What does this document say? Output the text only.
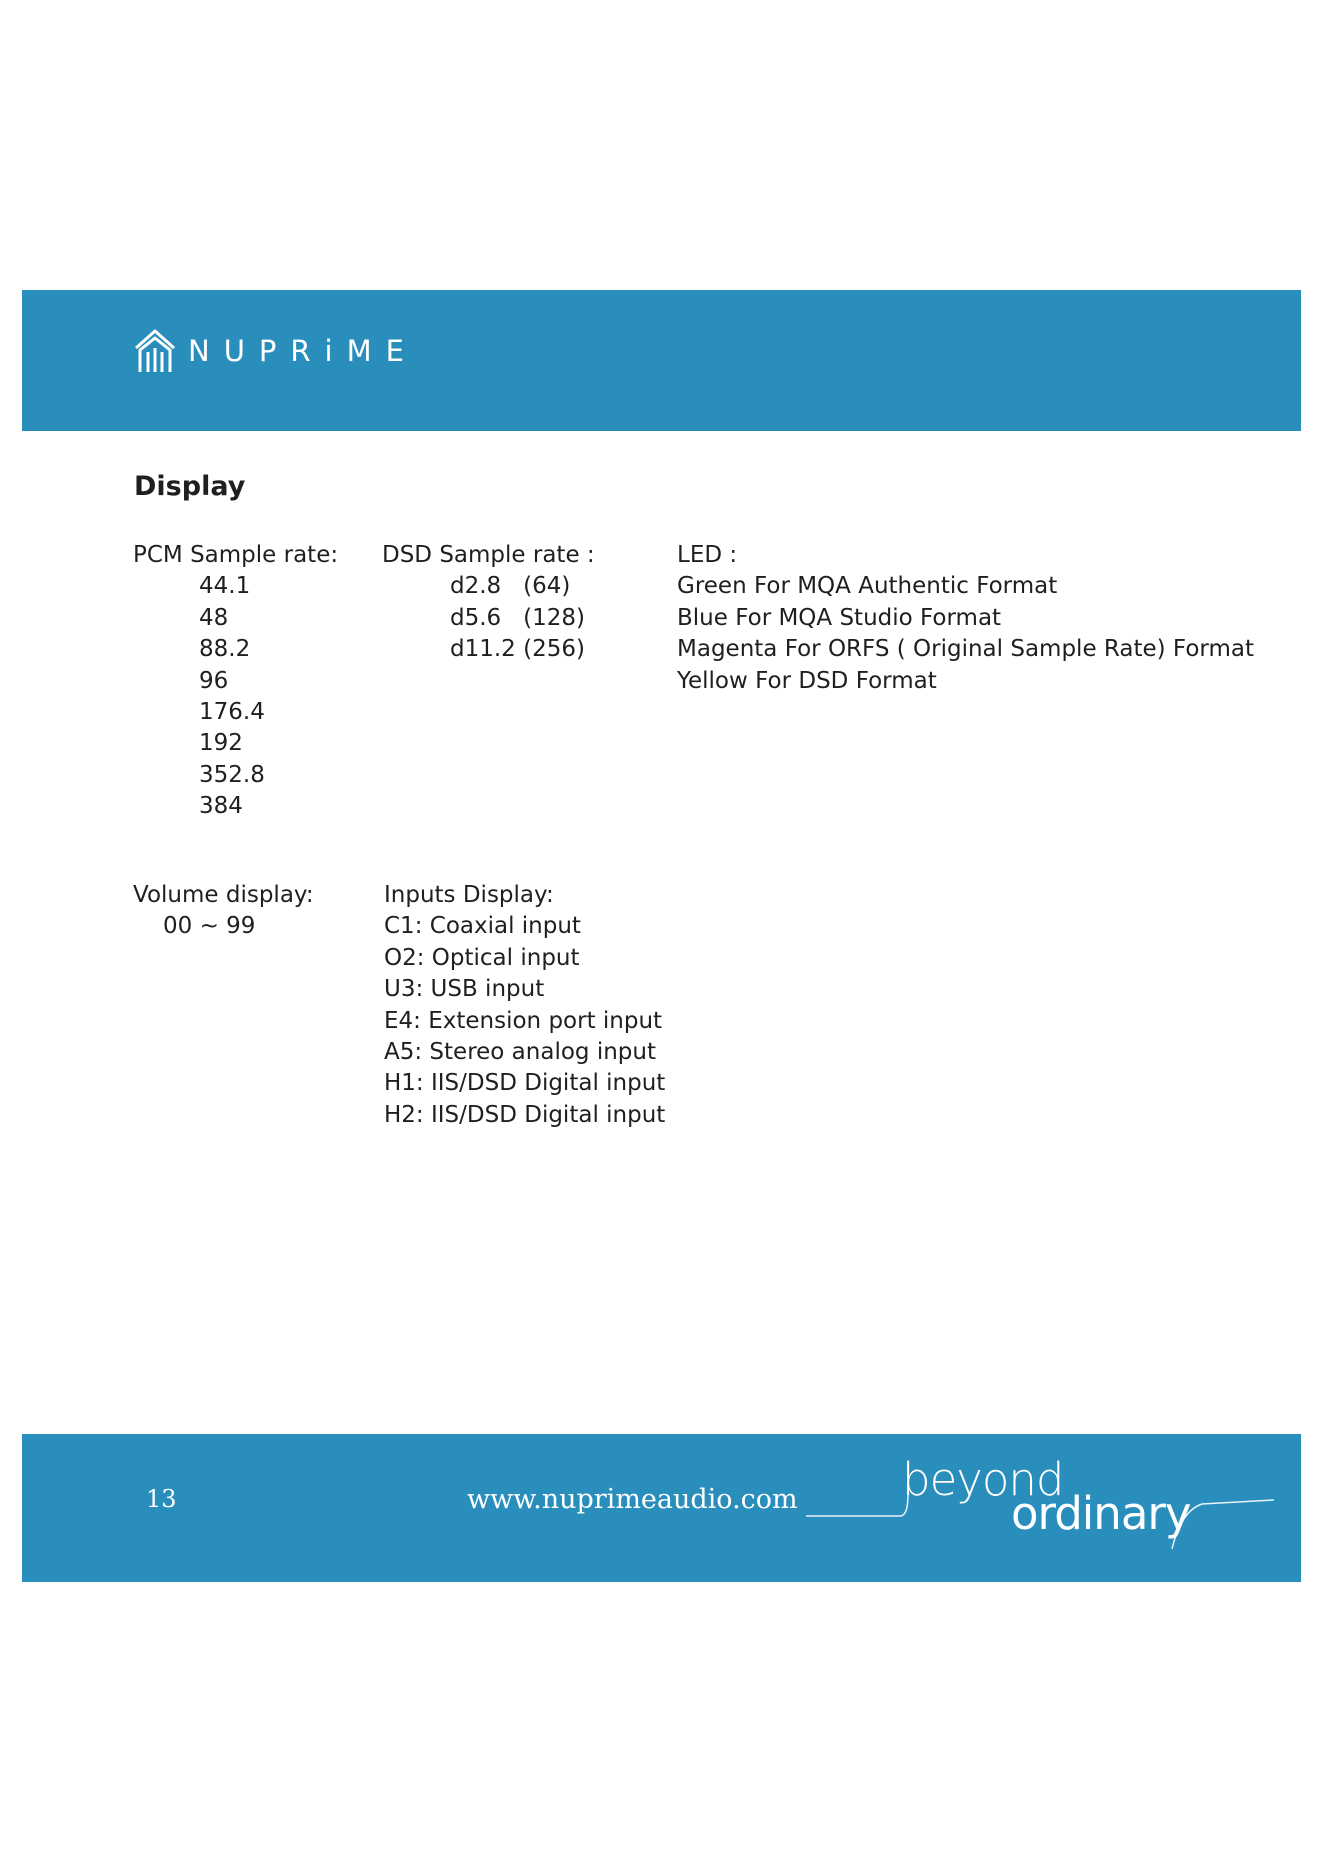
NUPRiME
Display
PCM Sample rate:
44.1
48
88.2
96
176.4
192
352.8
384
DSD Sample rate :
d2.8   (64)
d5.6   (128)
d11.2 (256)
LED :
Green For MQA Authentic Format
Blue For MQA Studio Format
Magenta For ORFS ( Original Sample Rate) Format
Yellow For DSD Format
Volume display:
00 ~ 99
Inputs Display:
C1: Coaxial input
O2: Optical input
U3: USB input
E4: Extension port input
A5: Stereo analog input
H1: IIS/DSD Digital input
H2: IIS/DSD Digital input
13	www.nuprimeaudio.com beyond
ordinary
